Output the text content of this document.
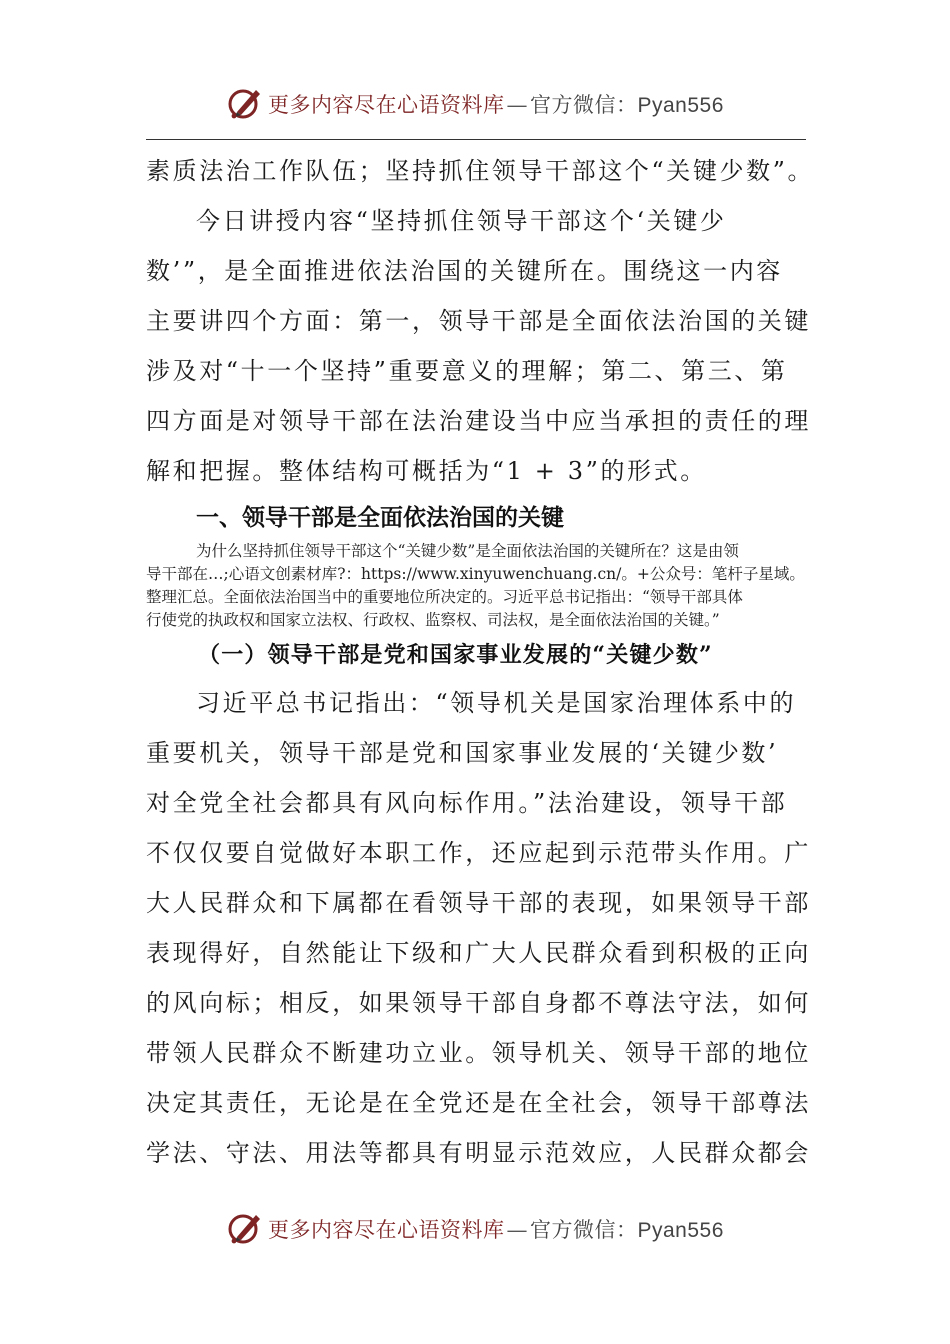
更多内容尽在心语资料库—官方微信：Pyan556

素质法治工作队伍；坚持抓住领导干部这个“关键少数”。

今日讲授内容“坚持抓住领导干部这个‘关键少
数’”，是全面推进依法治国的关键所在。围绕这一内容
主要讲四个方面：第一，领导干部是全面依法治国的关键
涉及对“十一个坚持”重要意义的理解；第二、第三、第
四方面是对领导干部在法治建设当中应当承担的责任的理
解和把握。整体结构可概括为“1 + 3”的形式。

一、领导干部是全面依法治国的关键

为什么坚持抓住领导干部这个“关键少数”是全面依法治国的关键所在？这是由领
导干部在…;心语文创素材库?：https://www.xinyuwenchuang.cn/。+公众号：笔杆子星域。
整理汇总。全面依法治国当中的重要地位所决定的。习近平总书记指出：“领导干部具体
行使党的执政权和国家立法权、行政权、监察权、司法权，是全面依法治国的关键。”

（一）领导干部是党和国家事业发展的“关键少数”

习近平总书记指出：“领导机关是国家治理体系中的
重要机关，领导干部是党和国家事业发展的‘关键少数’
对全党全社会都具有风向标作用。”法治建设，领导干部
不仅仅要自觉做好本职工作，还应起到示范带头作用。广
大人民群众和下属都在看领导干部的表现，如果领导干部
表现得好，自然能让下级和广大人民群众看到积极的正向
的风向标；相反，如果领导干部自身都不尊法守法，如何
带领人民群众不断建功立业。领导机关、领导干部的地位
决定其责任，无论是在全党还是在全社会，领导干部尊法
学法、守法、用法等都具有明显示范效应，人民群众都会

更多内容尽在心语资料库—官方微信：Pyan556
